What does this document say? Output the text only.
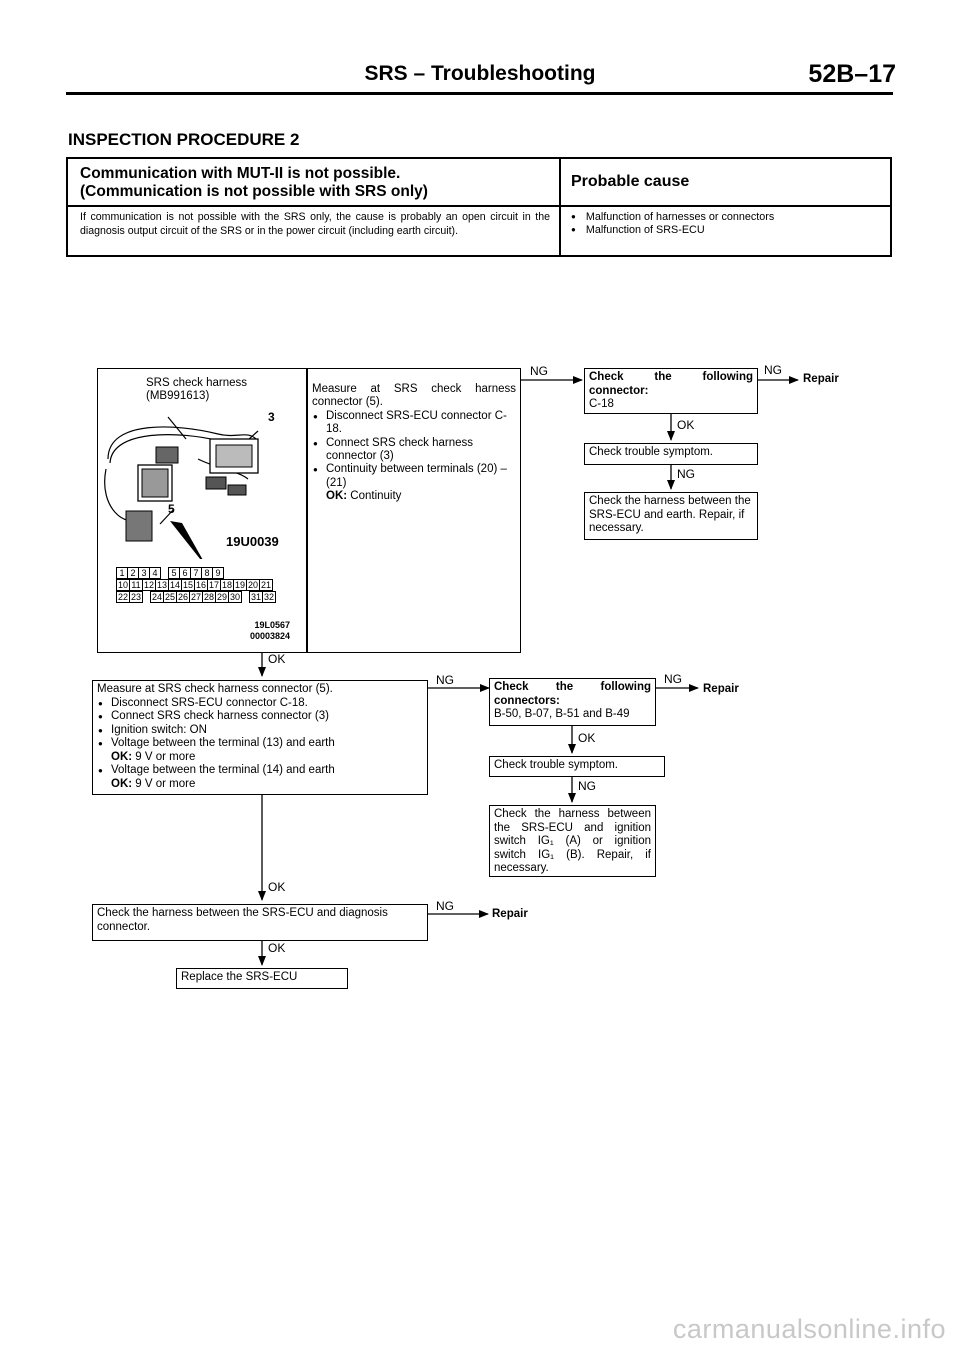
SRS – Troubleshooting	52B–17
INSPECTION PROCEDURE 2
Communication with MUT-II is not possible.
(Communication is not possible with SRS only)
Probable cause
If communication is not possible with the SRS only, the cause is probably an open circuit in the diagnosis output circuit of the SRS or in the power circuit (including earth circuit).
● Malfunction of harnesses or connectors
● Malfunction of SRS-ECU
SRS check harness
(MB991613)
3
5
19U0039
1 2 3 4	5 6 7 8 9
10 11 12 13 14 15 16 17 18 19 20 21
22 23 24 25 26 27 28 29 30 31 32
19L0567
00003824
Measure at SRS check harness connector (5).
● Disconnect SRS-ECU connector C-18.
● Connect SRS check harness connector (3)
● Continuity between terminals (20) – (21)
OK: Continuity
NG	Check the following connector:
C-18
NG
Repair
OK
Check trouble symptom.
NG
Check the harness between the SRS-ECU and earth. Repair, if necessary.
OK
Measure at SRS check harness connector (5).
● Disconnect SRS-ECU connector C-18.
● Connect SRS check harness connector (3)
● Ignition switch: ON
● Voltage between the terminal (13) and earth
OK: 9 V or more
● Voltage between the terminal (14) and earth
OK: 9 V or more
NG	Check the following connectors:
B-50, B-07, B-51 and B-49
NG
Repair
OK
Check trouble symptom.
NG
Check the harness between the SRS-ECU and ignition switch IG₁ (A) or ignition switch IG₁ (B). Repair, if necessary.
OK
Check the harness between the SRS-ECU and diagnosis connector.
NG
Repair
OK
Replace the SRS-ECU
carmanualsonline.info
